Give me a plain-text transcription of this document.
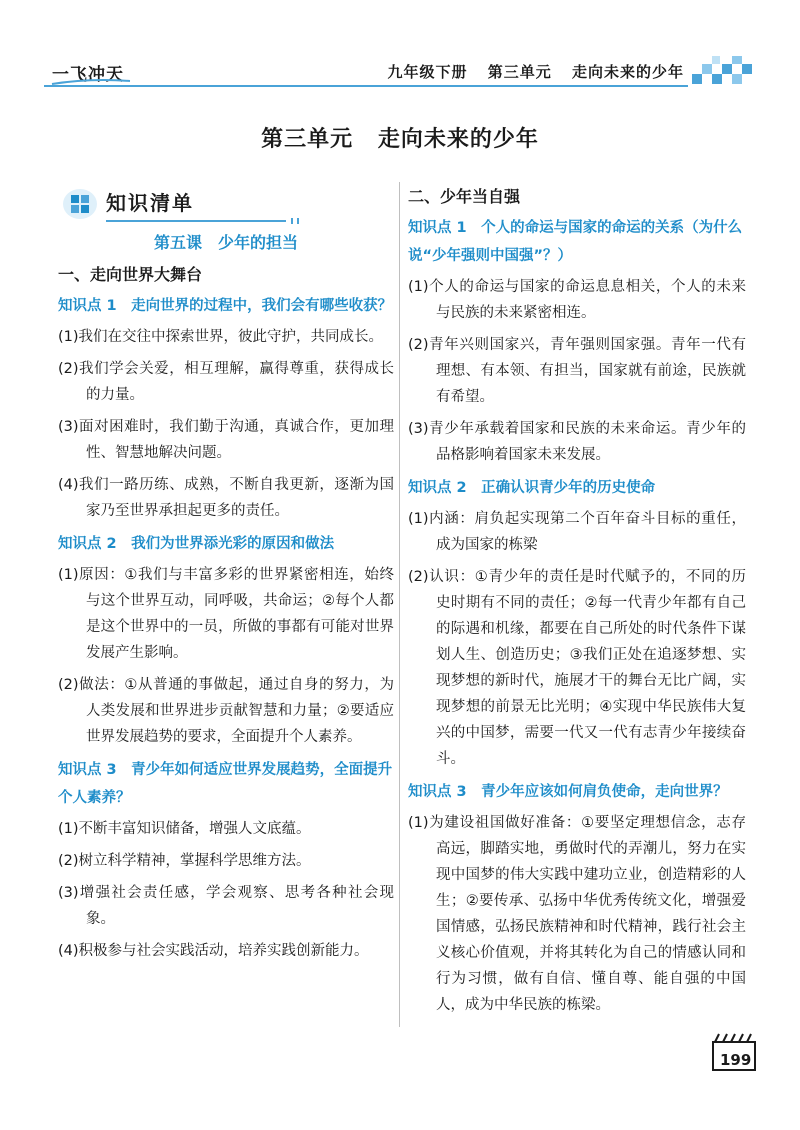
一飞冲天	九年级下册 第三单元 走向未来的少年
第三单元 走向未来的少年
知识清单
第五课　少年的担当
一、走向世界大舞台
知识点 1　走向世界的过程中，我们会有哪些收获？
(1)我们在交往中探索世界，彼此守护，共同成长。
(2)我们学会关爱，相互理解，赢得尊重，获得成长的力量。
(3)面对困难时，我们勤于沟通，真诚合作，更加理性、智慧地解决问题。
(4)我们一路历练、成熟，不断自我更新，逐渐为国家乃至世界承担起更多的责任。
知识点 2　我们为世界添光彩的原因和做法
(1)原因：①我们与丰富多彩的世界紧密相连，始终与这个世界互动，同呼吸，共命运；②每个人都是这个世界中的一员，所做的事都有可能对世界发展产生影响。
(2)做法：①从普通的事做起，通过自身的努力，为人类发展和世界进步贡献智慧和力量；②要适应世界发展趋势的要求，全面提升个人素养。
知识点 3　青少年如何适应世界发展趋势，全面提升个人素养？
(1)不断丰富知识储备，增强人文底蕴。
(2)树立科学精神，掌握科学思维方法。
(3)增强社会责任感，学会观察、思考各种社会现象。
(4)积极参与社会实践活动，培养实践创新能力。
二、少年当自强
知识点 1　个人的命运与国家的命运的关系（为什么说“少年强则中国强”？）
(1)个人的命运与国家的命运息息相关，个人的未来与民族的未来紧密相连。
(2)青年兴则国家兴，青年强则国家强。青年一代有理想、有本领、有担当，国家就有前途，民族就有希望。
(3)青少年承载着国家和民族的未来命运。青少年的品格影响着国家未来发展。
知识点 2　正确认识青少年的历史使命
(1)内涵：肩负起实现第二个百年奋斗目标的重任，成为国家的栋梁
(2)认识：①青少年的责任是时代赋予的，不同的历史时期有不同的责任；②每一代青少年都有自己的际遇和机缘，都要在自己所处的时代条件下谋划人生、创造历史；③我们正处在追逐梦想、实现梦想的新时代，施展才干的舞台无比广阔，实现梦想的前景无比光明；④实现中华民族伟大复兴的中国梦，需要一代又一代有志青少年接续奋斗。
知识点 3　青少年应该如何肩负使命，走向世界？
(1)为建设祖国做好准备：①要坚定理想信念，志存高远，脚踏实地，勇做时代的弄潮儿，努力在实现中国梦的伟大实践中建功立业，创造精彩的人生；②要传承、弘扬中华优秀传统文化，增强爱国情感，弘扬民族精神和时代精神，践行社会主义核心价值观，并将其转化为自己的情感认同和行为习惯，做有自信、懂自尊、能自强的中国人，成为中华民族的栋梁。
199
